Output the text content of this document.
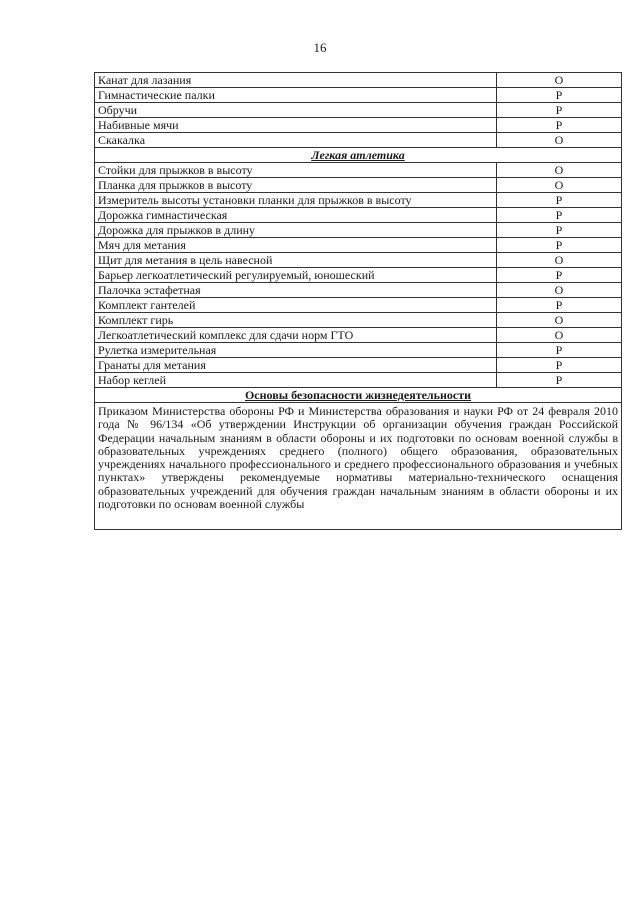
16
Канат для лазания	О
Гимнастические палки	Р
Обручи	Р
Набивные мячи	Р
Скакалка	О
Легкая атлетика	
Стойки для прыжков в высоту	О
Планка для прыжков в высоту	О
Измеритель высоты установки планки для прыжков в высоту	Р
Дорожка гимнастическая	Р
Дорожка для прыжков в длину	Р
Мяч для метания	Р
Щит для метания в цель навесной	О
Барьер легкоатлетический регулируемый, юношеский	Р
Палочка эстафетная	О
Комплект гантелей	Р
Комплект гирь	О
Легкоатлетический комплекс для сдачи норм ГТО	О
Рулетка измерительная	Р
Гранаты для метания	Р
Набор кеглей	Р
Основы безопасности жизнедеятельности	
Приказом Министерства обороны РФ и Министерства образования и науки РФ от 24 февраля 2010 года № 96/134 «Об утверждении Инструкции об организации обучения граждан Российской Федерации начальным знаниям в области обороны и их подготовки по основам военной службы в образовательных учреждениях среднего (полного) общего образования, образовательных учреждениях начального профессионального и среднего профессионального образования и учебных пунктах» утверждены рекомендуемые нормативы материально-технического оснащения образовательных учреждений для обучения граждан начальным знаниям в области обороны и их подготовки по основам военной службы	
